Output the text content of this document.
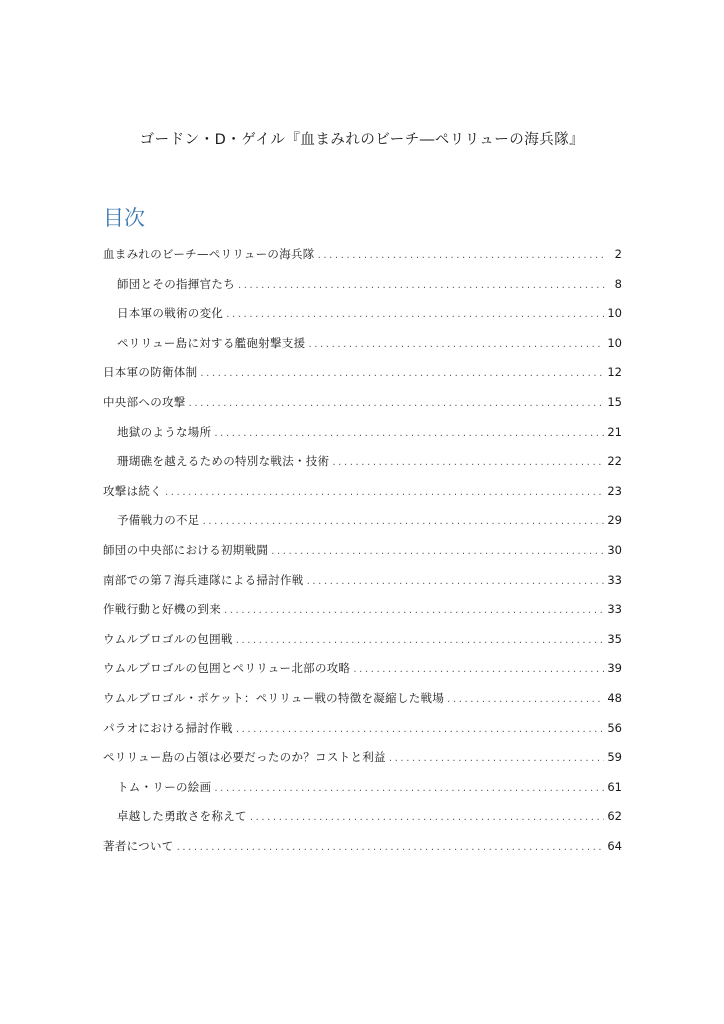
ゴードン・D・ゲイル『血まみれのビーチ―ペリリューの海兵隊』
目次
血まみれのビーチ—ペリリューの海兵隊 .....	2
師団とその指揮官たち .....	8
日本軍の戦術の変化 .....	10
ペリリュー島に対する艦砲射撃支援 .....	10
日本軍の防衛体制 .....	12
中央部への攻撃 .....	15
地獄のような場所 .....	21
珊瑚礁を越えるための特別な戦法・技術 .....	22
攻撃は続く .....	23
予備戦力の不足 .....	29
師団の中央部における初期戦闘 .....	30
南部での第７海兵連隊による掃討作戦 .....	33
作戦行動と好機の到来 .....	33
ウムルブロゴルの包囲戦 .....	35
ウムルブロゴルの包囲とペリリュー北部の攻略 .....	39
ウムルブロゴル・ポケット：ペリリュー戦の特徴を凝縮した戦場 .....	48
パラオにおける掃討作戦 .....	56
ペリリュー島の占領は必要だったのか？コストと利益 .....	59
トム・リーの絵画 .....	61
卓越した勇敢さを称えて .....	62
著者について .....	64
